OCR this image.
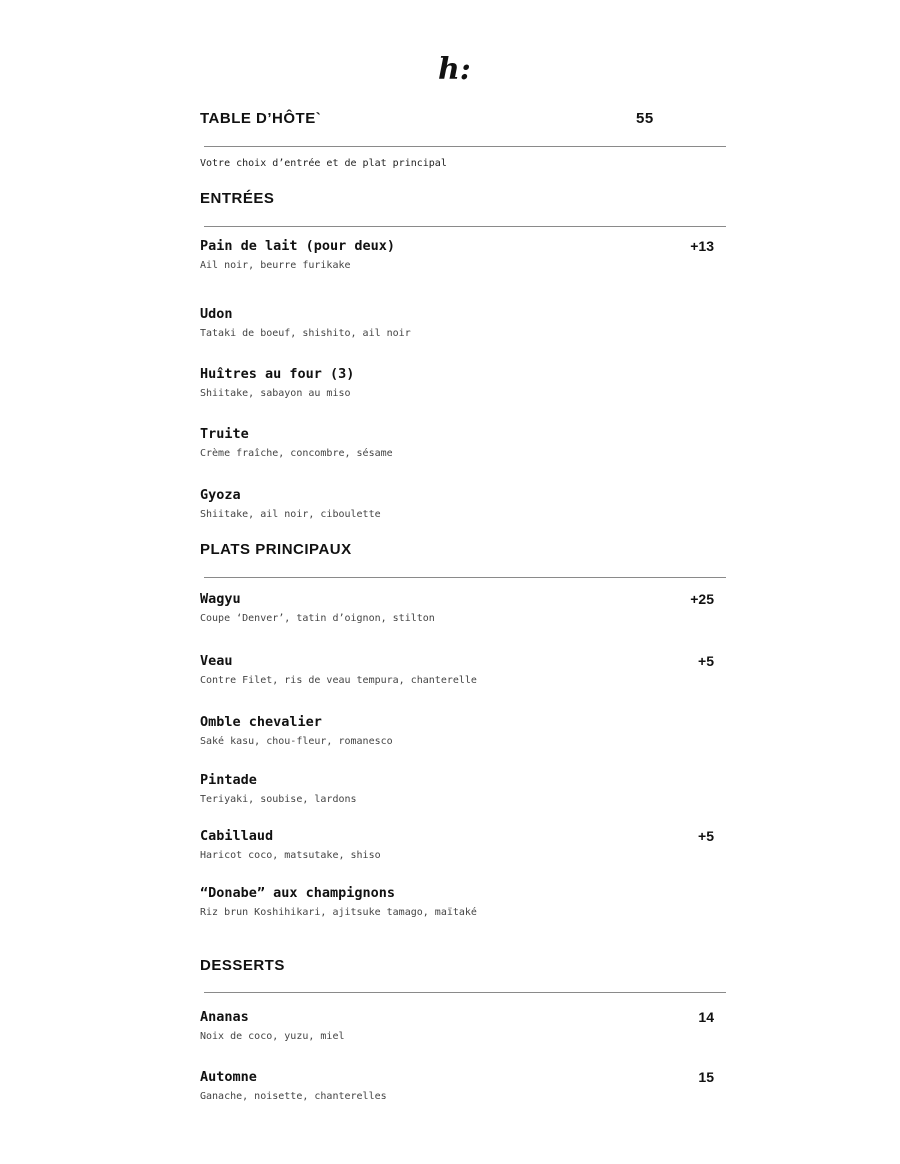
h:
TABLE D’HÔTE`	55
Votre choix d’entrée et de plat principal
ENTRÉES
Pain de lait (pour deux)
Ail noir, beurre furikake
+13
Udon
Tataki de boeuf, shishito, ail noir
Huîtres au four (3)
Shiitake, sabayon au miso
Truite
Crème fraîche, concombre, sésame
Gyoza
Shiitake, ail noir, ciboulette
PLATS PRINCIPAUX
Wagyu
Coupe ‘Denver’, tatin d’oignon, stilton
+25
Veau
Contre Filet, ris de veau tempura, chanterelle
+5
Omble chevalier
Saké kasu, chou-fleur, romanesco
Pintade
Teriyaki, soubise, lardons
Cabillaud
Haricot coco, matsutake, shiso
+5
“Donabe” aux champignons
Riz brun Koshihikari, ajitsuke tamago, maïtaké
DESSERTS
Ananas
Noix de coco, yuzu, miel
14
Automne
Ganache, noisette, chanterelles
15
